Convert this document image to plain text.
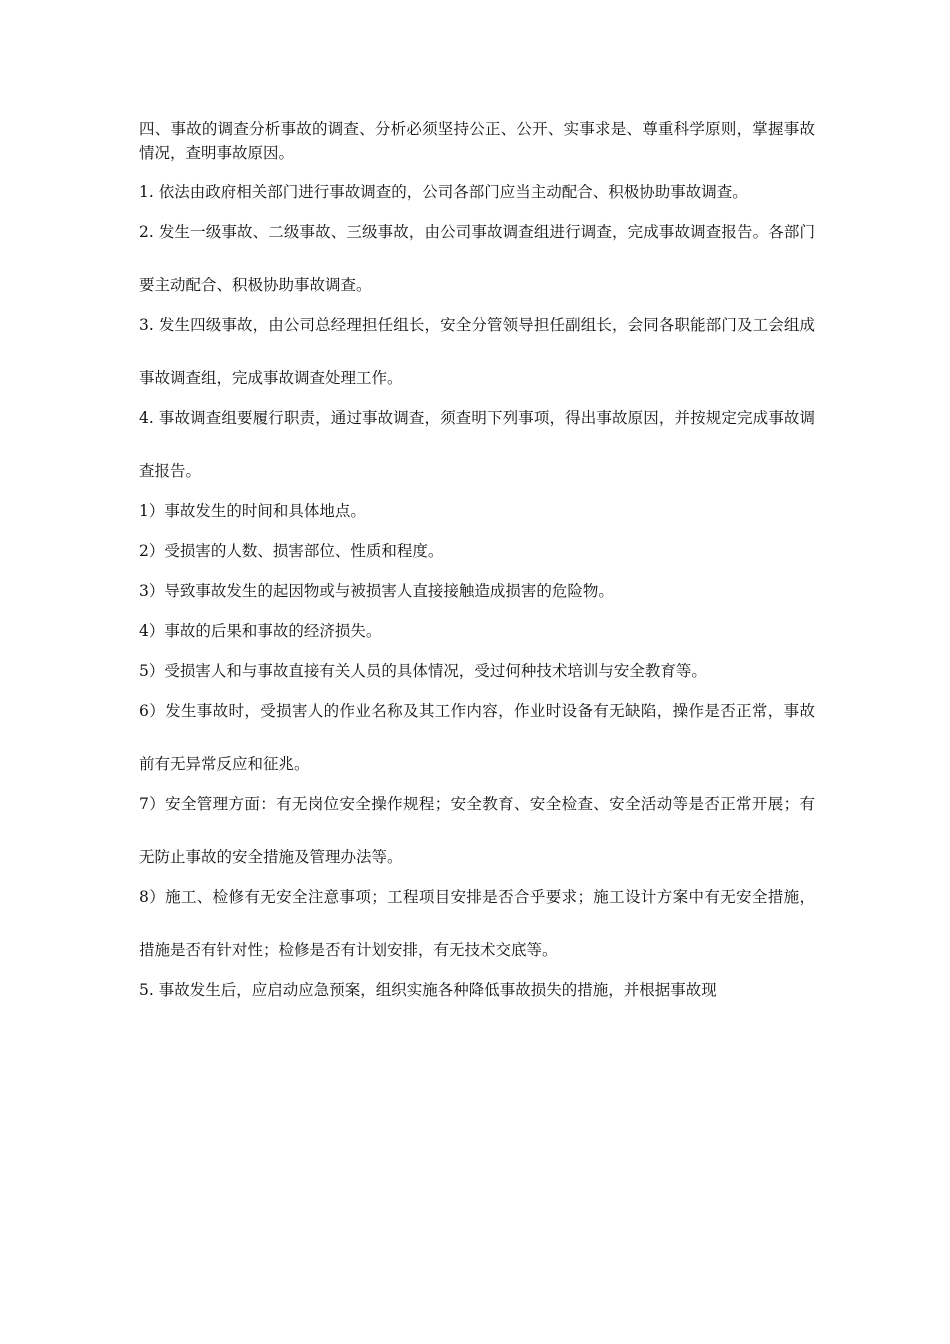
四、事故的调查分析事故的调查、分析必须坚持公正、公开、实事求是、尊重科学原则，掌握事故情况，查明事故原因。

1. 依法由政府相关部门进行事故调查的，公司各部门应当主动配合、积极协助事故调查。

2. 发生一级事故、二级事故、三级事故，由公司事故调查组进行调查，完成事故调查报告。各部门要主动配合、积极协助事故调查。

3. 发生四级事故，由公司总经理担任组长，安全分管领导担任副组长，会同各职能部门及工会组成事故调查组，完成事故调查处理工作。

4. 事故调查组要履行职责，通过事故调查，须查明下列事项，得出事故原因，并按规定完成事故调查报告。

1）事故发生的时间和具体地点。

2）受损害的人数、损害部位、性质和程度。

3）导致事故发生的起因物或与被损害人直接接触造成损害的危险物。

4）事故的后果和事故的经济损失。

5）受损害人和与事故直接有关人员的具体情况，受过何种技术培训与安全教育等。

6）发生事故时，受损害人的作业名称及其工作内容，作业时设备有无缺陷，操作是否正常，事故前有无异常反应和征兆。

7）安全管理方面：有无岗位安全操作规程；安全教育、安全检查、安全活动等是否正常开展；有无防止事故的安全措施及管理办法等。

8）施工、检修有无安全注意事项；工程项目安排是否合乎要求；施工设计方案中有无安全措施，措施是否有针对性；检修是否有计划安排，有无技术交底等。

5. 事故发生后，应启动应急预案，组织实施各种降低事故损失的措施，并根据事故现
